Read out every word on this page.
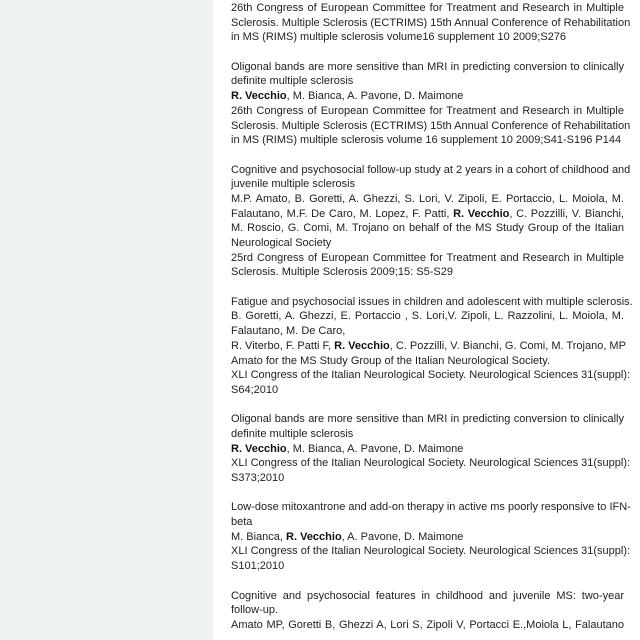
26th Congress of European Committee for Treatment and Research in Multiple
Sclerosis. Multiple Sclerosis (ECTRIMS) 15th Annual Conference of Rehabilitation
in MS (RIMS) multiple sclerosis volume16 supplement 10 2009;S276
Oligonal bands are more sensitive than MRI in predicting conversion to clinically
definite multiple sclerosis
R. Vecchio, M. Bianca, A. Pavone, D. Maimone
26th Congress of European Committee for Treatment and Research in Multiple
Sclerosis. Multiple Sclerosis (ECTRIMS) 15th Annual Conference of Rehabilitation
in MS (RIMS) multiple sclerosis volume 16 supplement 10 2009;S41-S196 P144
Cognitive and psychosocial follow-up study at 2 years in a cohort of childhood and
juvenile multiple sclerosis
M.P. Amato, B. Goretti, A. Ghezzi, S. Lori, V. Zipoli, E. Portaccio, L. Moiola, M.
Falautano, M.F. De Caro, M. Lopez, F. Patti, R. Vecchio, C. Pozzilli, V. Bianchi,
M. Roscio, G. Comi, M. Trojano on behalf of the MS Study Group of the Italian
Neurological Society
25rd Congress of European Committee for Treatment and Research in Multiple
Sclerosis. Multiple Sclerosis 2009;15: S5-S29
Fatigue and psychosocial issues in children and adolescent with multiple sclerosis.
B. Goretti, A. Ghezzi, E. Portaccio , S. Lori,V. Zipoli, L. Razzolini, L. Moiola, M.
Falautano, M. De Caro,
R. Viterbo, F. Patti F, R. Vecchio, C. Pozzilli, V. Bianchi, G. Comi, M. Trojano, MP
Amato for the MS Study Group of the Italian Neurological Society.
XLI Congress of the Italian Neurological Society. Neurological Sciences 31(suppl):
S64;2010
Oligonal bands are more sensitive than MRI in predicting conversion to clinically
definite multiple sclerosis
R. Vecchio, M. Bianca, A. Pavone, D. Maimone
XLI Congress of the Italian Neurological Society. Neurological Sciences 31(suppl):
S373;2010
Low-dose mitoxantrone and add-on therapy in active ms poorly responsive to IFN-
beta
M. Bianca, R. Vecchio, A. Pavone, D. Maimone
XLI Congress of the Italian Neurological Society. Neurological Sciences 31(suppl):
S101;2010
Cognitive and psychosocial features in childhood and juvenile MS: two-year
follow-up.
Amato MP, Goretti B, Ghezzi A, Lori S, Zipoli V, Portacci E.,Moiola L, Falautano
